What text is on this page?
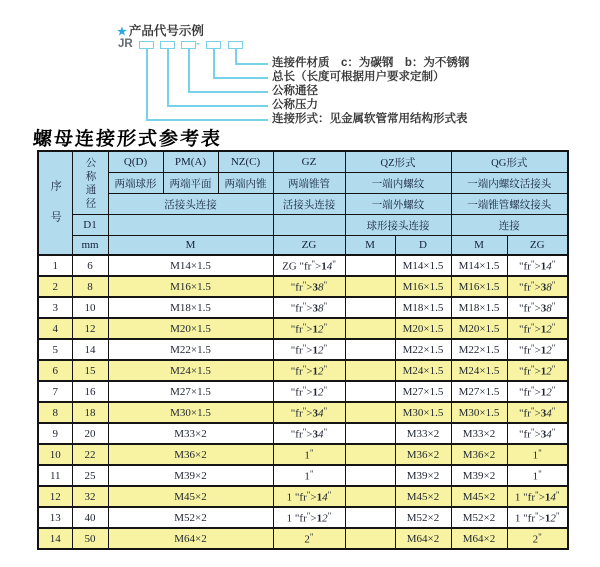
★ 产品代号示例
JR	-
连接件材质　c：为碳钢　b：为不锈钢
总长（长度可根据用户要求定制）
公称通径
公称压力
连接形式：见金属软管常用结构形式表
螺母连接形式参考表
序号	公称通径	Q(D)	PM(A)	NZ(C)	GZ	QZ形式		QG形式	
		两端球形	两端平面	两端内锥	两端锥管	一端内螺纹		一端内螺纹活接头	
		活接头连接			活接头连接	一端外螺纹		一端锥管螺纹接头	
	D1					球形接头连接		连接	
	mm	M			ZG	M	D	M	ZG
1	6	M14×1.5			ZG "fr">14"		M14×1.5	M14×1.5	"fr">14"
2	8	M16×1.5			"fr">38"		M16×1.5	M16×1.5	"fr">38"
3	10	M18×1.5			"fr">38"		M18×1.5	M18×1.5	"fr">38"
4	12	M20×1.5			"fr">12"		M20×1.5	M20×1.5	"fr">12"
5	14	M22×1.5			"fr">12"		M22×1.5	M22×1.5	"fr">12"
6	15	M24×1.5			"fr">12"		M24×1.5	M24×1.5	"fr">12"
7	16	M27×1.5			"fr">12"		M27×1.5	M27×1.5	"fr">12"
8	18	M30×1.5			"fr">34"		M30×1.5	M30×1.5	"fr">34"
9	20	M33×2			"fr">34"		M33×2	M33×2	"fr">34"
10	22	M36×2			1"		M36×2	M36×2	1"
11	25	M39×2			1"		M39×2	M39×2	1"
12	32	M45×2			1 "fr">14"		M45×2	M45×2	1 "fr">14"
13	40	M52×2			1 "fr">12"		M52×2	M52×2	1 "fr">12"
14	50	M64×2			2"		M64×2	M64×2	2"
